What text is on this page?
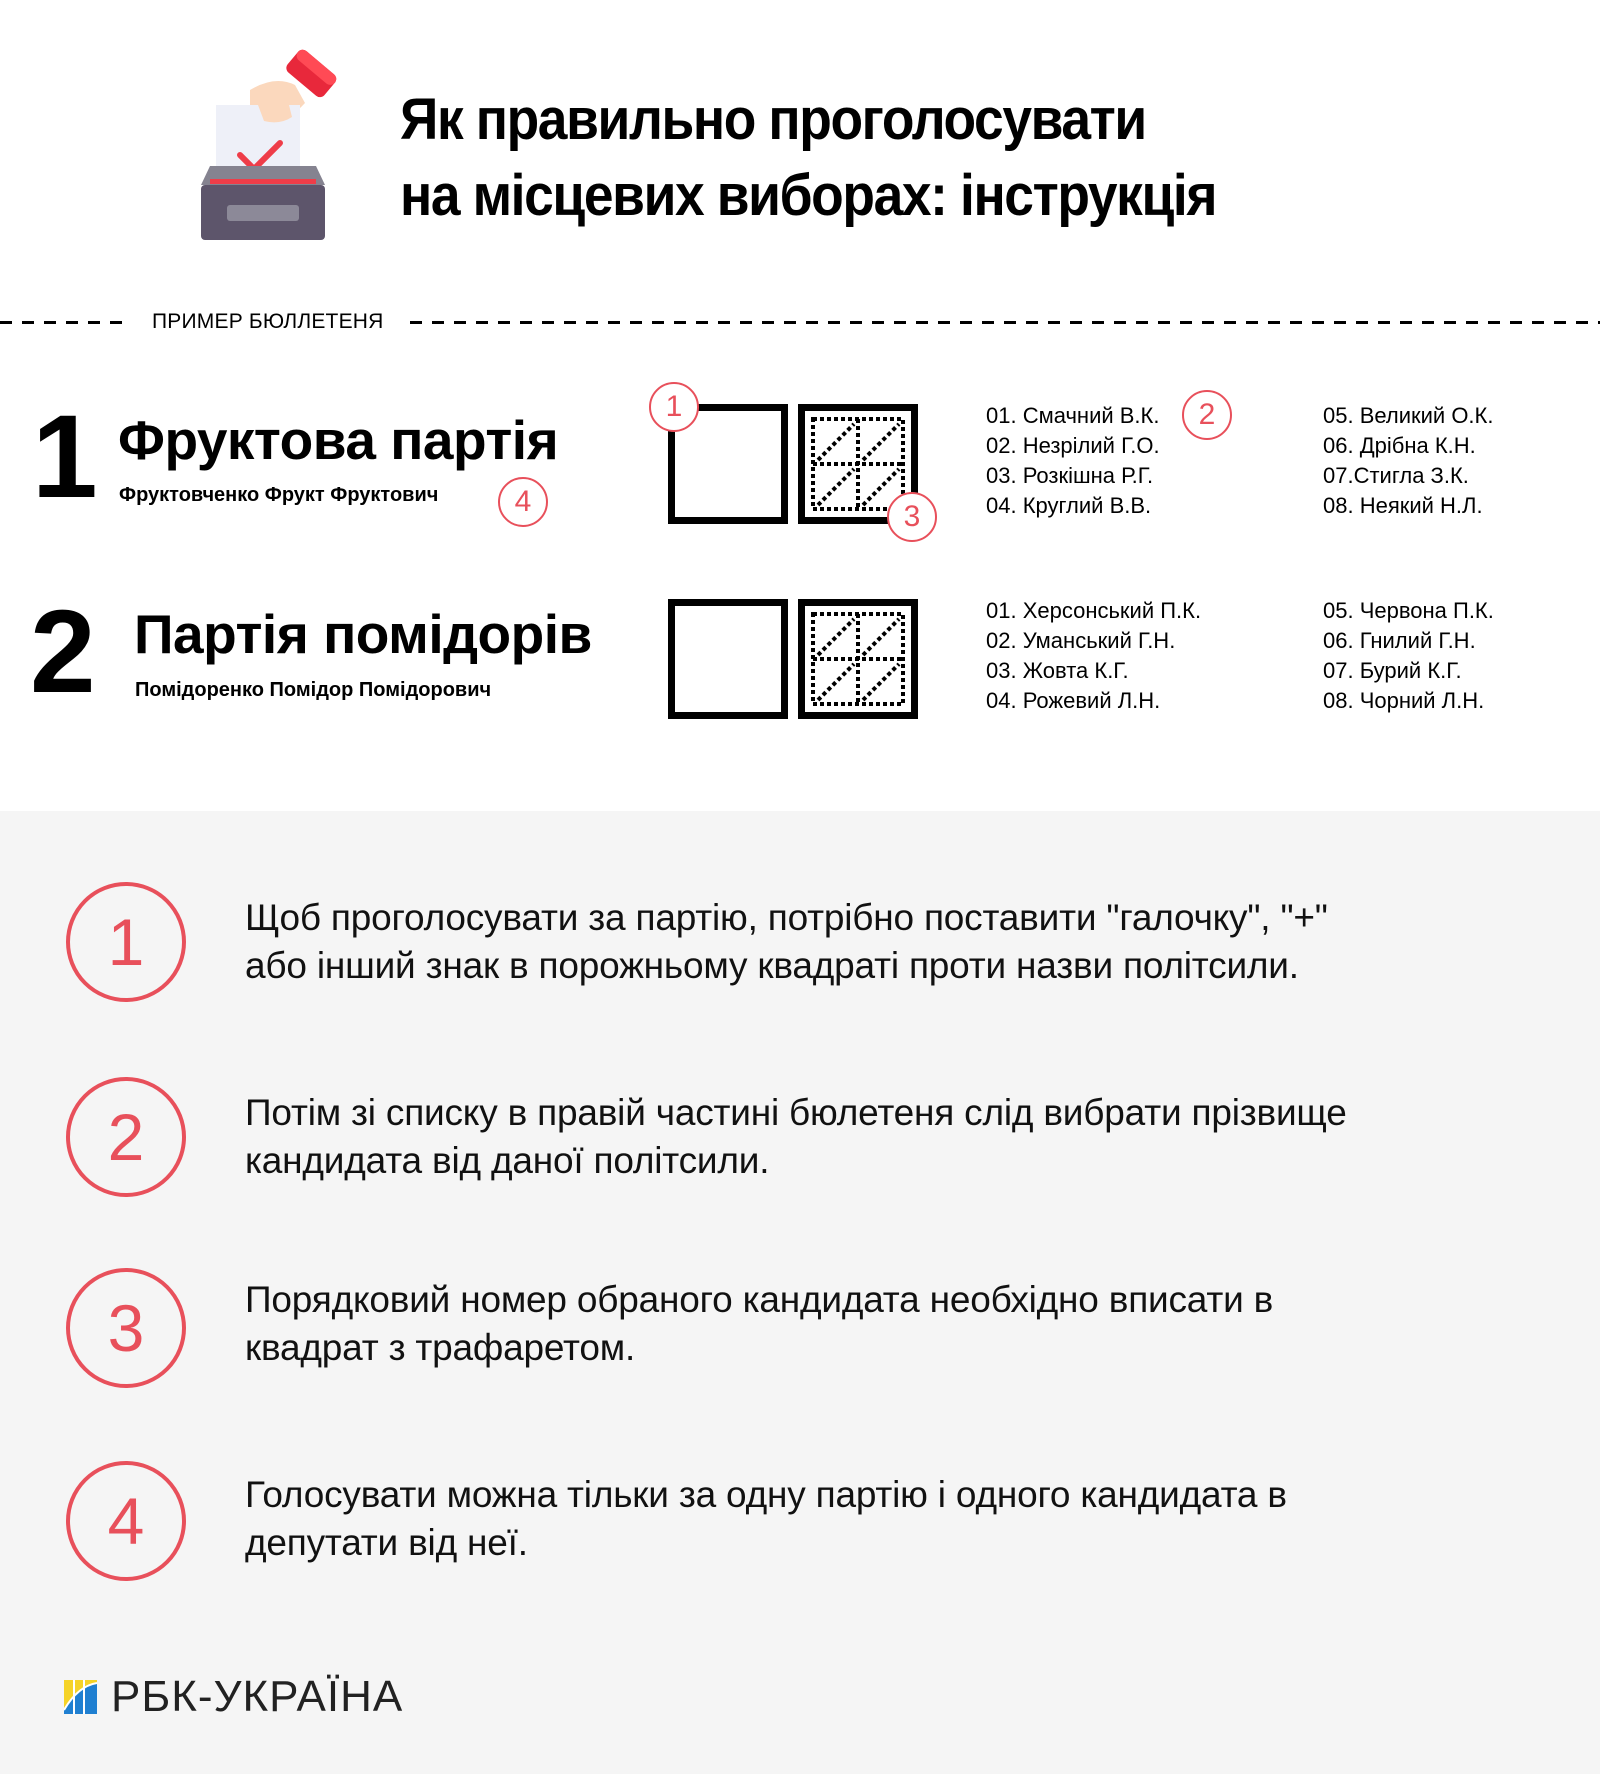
Як правильно проголосувати
на місцевих виборах: інструкція
ПРИМЕР БЮЛЛЕТЕНЯ
1 Фруктова партія
Фруктовченко Фрукт Фруктович	4
1
3
01. Смачний В.К.
02. Незрілий Г.О.
03. Розкішна Р.Г.
04. Круглий В.В.
2	05. Великий О.К.
06. Дрібна К.Н.
07.Стигла З.К.
08. Неякий Н.Л.
2 Партія помідорів
Помідоренко Помідор Помідорович
01. Херсонський П.К.
02. Уманський Г.Н.
03. Жовта К.Г.
04. Рожевий Л.Н.
05. Червона П.К.
06. Гнилий Г.Н.
07. Бурий К.Г.
08. Чорний Л.Н.
1	Щоб проголосувати за партію, потрібно поставити "галочку", "+"
або інший знак в порожньому квадраті проти назви політсили.
2	Потім зі списку в правій частині бюлетеня слід вибрати прізвище
кандидата від даної політсили.
3	Порядковий номер обраного кандидата необхідно вписати в
квадрат з трафаретом.
4	Голосувати можна тільки за одну партію і одного кандидата в
депутати від неї.
РБК-УКРАЇНА
